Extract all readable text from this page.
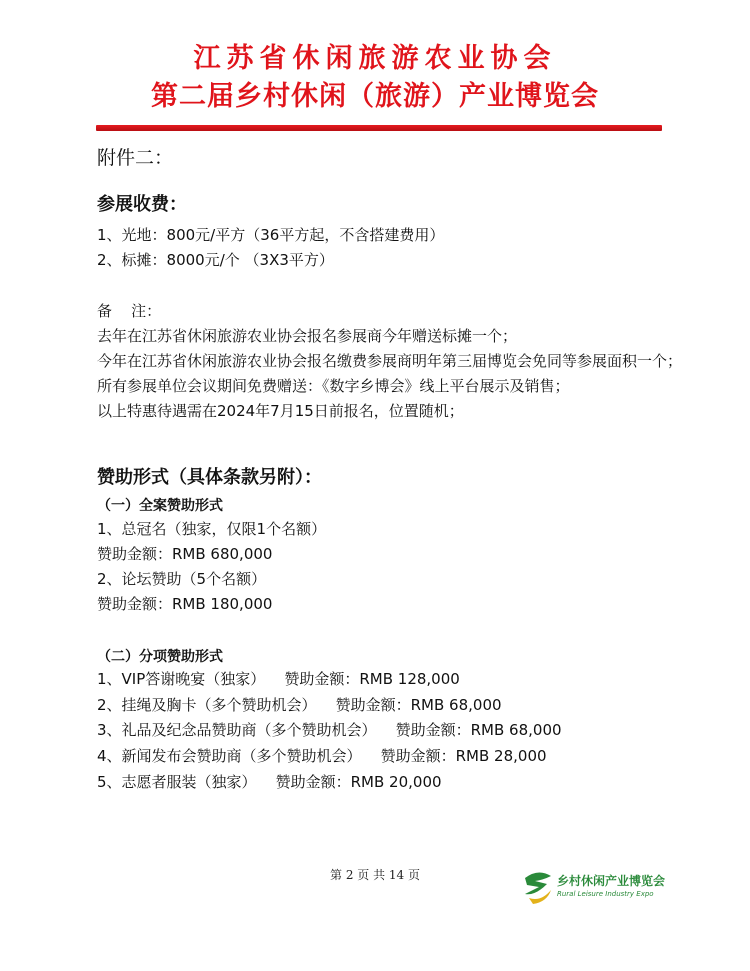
江苏省休闲旅游农业协会
第二届乡村休闲（旅游）产业博览会
附件二：
参展收费：
1、光地：800元/平方（36平方起，不含搭建费用）
2、标摊：8000元/个 （3X3平方）
备    注：
去年在江苏省休闲旅游农业协会报名参展商今年赠送标摊一个；
今年在江苏省休闲旅游农业协会报名缴费参展商明年第三届博览会免同等参展面积一个；
所有参展单位会议期间免费赠送：《数字乡博会》线上平台展示及销售；
以上特惠待遇需在2024年7月15日前报名，位置随机；
赞助形式（具体条款另附）：
（一）全案赞助形式
1、总冠名（独家，仅限1个名额）
赞助金额：RMB 680,000
2、论坛赞助（5个名额）
赞助金额：RMB 180,000
（二）分项赞助形式
1、VIP答谢晚宴（独家）    赞助金额：RMB 128,000
2、挂绳及胸卡（多个赞助机会）    赞助金额：RMB 68,000
3、礼品及纪念品赞助商（多个赞助机会）    赞助金额：RMB 68,000
4、新闻发布会赞助商（多个赞助机会）    赞助金额：RMB 28,000
5、志愿者服装（独家）    赞助金额：RMB 20,000
第 2 页 共 14 页	乡村休闲产业博览会
Rural Leisure Industry Expo
